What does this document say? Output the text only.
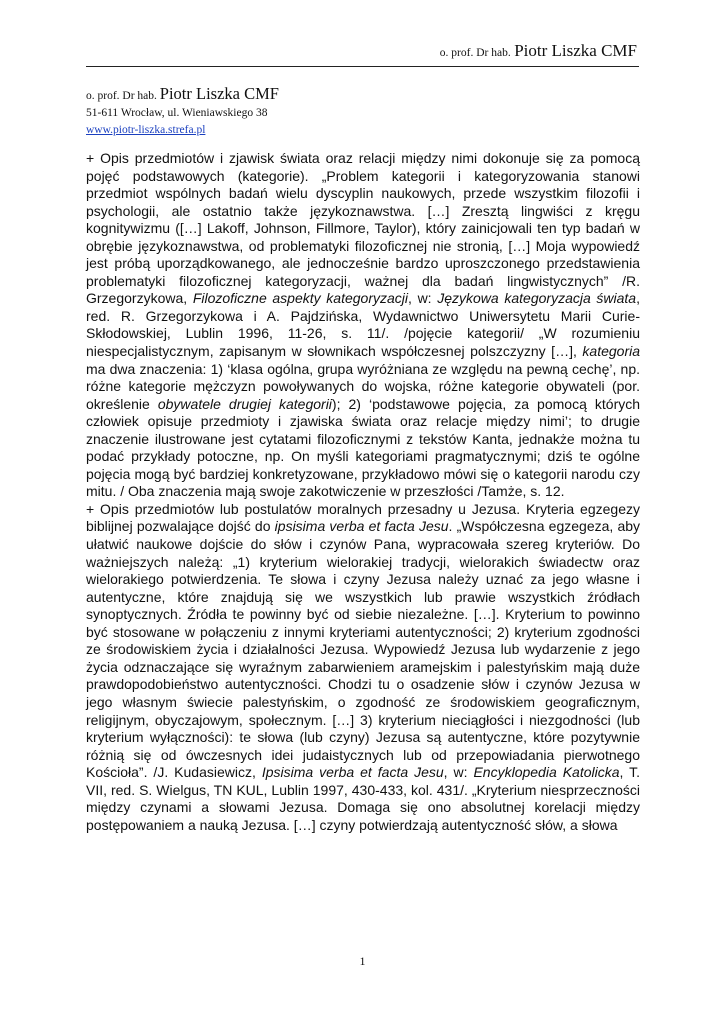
o. prof. Dr hab. Piotr Liszka CMF
o. prof. Dr hab. Piotr Liszka CMF
51-611 Wrocław, ul. Wieniawskiego 38
www.piotr-liszka.strefa.pl

+ Opis przedmiotów i zjawisk świata oraz relacji między nimi dokonuje się za pomocą pojęć podstawowych (kategorie). „Problem kategorii i kategoryzowania stanowi przedmiot wspólnych badań wielu dyscyplin naukowych, przede wszystkim filozofii i psychologii, ale ostatnio także językoznawstwa. […] Zresztą lingwiści z kręgu kognitywizmu ([…] Lakoff, Johnson, Fillmore, Taylor), który zainicjowali ten typ badań w obrębie językoznawstwa, od problematyki filozoficznej nie stronią, […] Moja wypowiedź jest próbą uporządkowanego, ale jednocześnie bardzo uproszczonego przedstawienia problematyki filozoficznej kategoryzacji, ważnej dla badań lingwistycznych” /R. Grzegorzykowa, Filozoficzne aspekty kategoryzacji, w: Językowa kategoryzacja świata, red. R. Grzegorzykowa i A. Pajdzińska, Wydawnictwo Uniwersytetu Marii Curie-Skłodowskiej, Lublin 1996, 11-26, s. 11/. /pojęcie kategorii/ „W rozumieniu niespecjalistycznym, zapisanym w słownikach współczesnej polszczyzny […], kategoria ma dwa znaczenia: 1) ‘klasa ogólna, grupa wyróżniana ze względu na pewną cechę’, np. różne kategorie mężczyzn powoływanych do wojska, różne kategorie obywateli (por. określenie obywatele drugiej kategorii); 2) ‘podstawowe pojęcia, za pomocą których człowiek opisuje przedmioty i zjawiska świata oraz relacje między nimi’; to drugie znaczenie ilustrowane jest cytatami filozoficznymi z tekstów Kanta, jednakże można tu podać przykłady potoczne, np. On myśli kategoriami pragmatycznymi; dziś te ogólne pojęcia mogą być bardziej konkretyzowane, przykładowo mówi się o kategorii narodu czy mitu. / Oba znaczenia mają swoje zakotwiczenie w przeszłości /Tamże, s. 12.

+ Opis przedmiotów lub postulatów moralnych przesadny u Jezusa. Kryteria egzegezy biblijnej pozwalające dojść do ipsisima verba et facta Jesu. „Współczesna egzegeza, aby ułatwić naukowe dojście do słów i czynów Pana, wypracowała szereg kryteriów. Do ważniejszych należą: „1) kryterium wielorakiej tradycji, wielorakich świadectw oraz wielorakiego potwierdzenia. Te słowa i czyny Jezusa należy uznać za jego własne i autentyczne, które znajdują się we wszystkich lub prawie wszystkich źródłach synoptycznych. Źródła te powinny być od siebie niezależne. […]. Kryterium to powinno być stosowane w połączeniu z innymi kryteriami autentyczności; 2) kryterium zgodności ze środowiskiem życia i działalności Jezusa. Wypowiedź Jezusa lub wydarzenie z jego życia odznaczające się wyraźnym zabarwieniem aramejskim i palestyńskim mają duże prawdopodobieństwo autentyczności. Chodzi tu o osadzenie słów i czynów Jezusa w jego własnym świecie palestyńskim, o zgodność ze środowiskiem geograficznym, religijnym, obyczajowym, społecznym. […] 3) kryterium nieciągłości i niezgodności (lub kryterium wyłączności): te słowa (lub czyny) Jezusa są autentyczne, które pozytywnie różnią się od ówczesnych idei judaistycznych lub od przepowiadania pierwotnego Kościoła”. /J. Kudasiewicz, Ipsisima verba et facta Jesu, w: Encyklopedia Katolicka, T. VII, red. S. Wielgus, TN KUL, Lublin 1997, 430-433, kol. 431/. „Kryterium niesprzeczności między czynami a słowami Jezusa. Domaga się ono absolutnej korelacji między postępowaniem a nauką Jezusa. […] czyny potwierdzają autentyczność słów, a słowa

1
